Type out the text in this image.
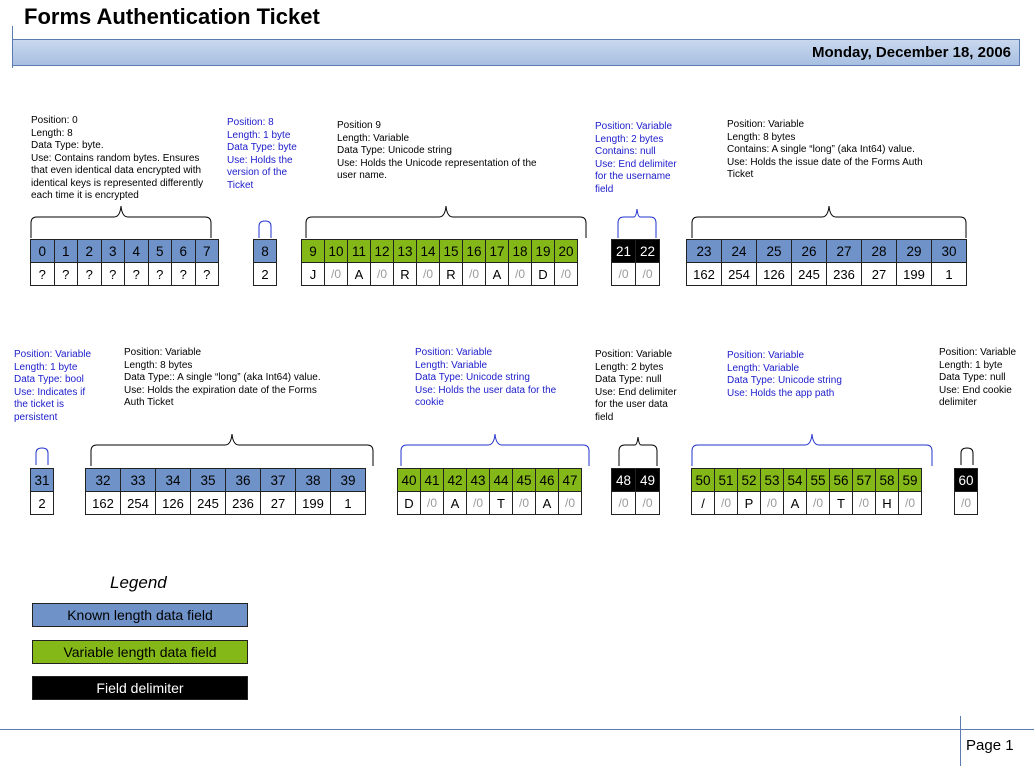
Forms Authentication Ticket
Monday, December 18, 2006
Position: 0
Length: 8
Data Type: byte.
Use: Contains random bytes. Ensures
that even identical data encrypted with
identical keys is represented differently
each time it is encrypted
Position: 8
Length: 1 byte
Data Type: byte
Use: Holds the
version of the
Ticket
Position 9
Length: Variable
Data Type: Unicode string
Use: Holds the Unicode representation of the
user name.
Position: Variable
Length: 2 bytes
Contains: null
Use: End delimiter
for the username
field
Position: Variable
Length: 8 bytes
Contains: A single “long” (aka Int64) value.
Use: Holds the issue date of the Forms Auth
Ticket
Position: Variable
Length: 1 byte
Data Type: bool
Use: Indicates if
the ticket is
persistent
Position: Variable
Length: 8 bytes
Data Type:: A single “long” (aka Int64) value.
Use: Holds the expiration date of the Forms
Auth Ticket
Position: Variable
Length: Variable
Data Type: Unicode string
Use: Holds the user data for the
cookie
Position: Variable
Length: 2 bytes
Data Type: null
Use: End delimiter
for the user data
field
Position: Variable
Length: Variable
Data Type: Unicode string
Use: Holds the app path
Position: Variable
Length: 1 byte
Data Type: null
Use: End cookie
delimiter
0	1	2	3	4	5	6	7
?	?	?	?	?	?	?	?
8
2
9 10 11 12 13 14 15 16 17 18 19 20
J	/0	A	/0	R	/0	R	/0	A	/0	D	/0
21 22
/0	/0
23	24	25	26	27	28	29	30
162	254	126	245	236	27	199	1
31
2
32	33	34	35	36	37	38	39
162	254	126	245	236	27	199	1
40 41 42 43 44 45 46 47
D	/0	A	/0	T	/0	A	/0
48 49
/0	/0
50 51 52 53 54 55 56 57 58 59
/	/0	P	/0	A	/0	T	/0	H	/0
60
/0
Legend
Known length data field
Variable length data field
Field delimiter
Page 1
